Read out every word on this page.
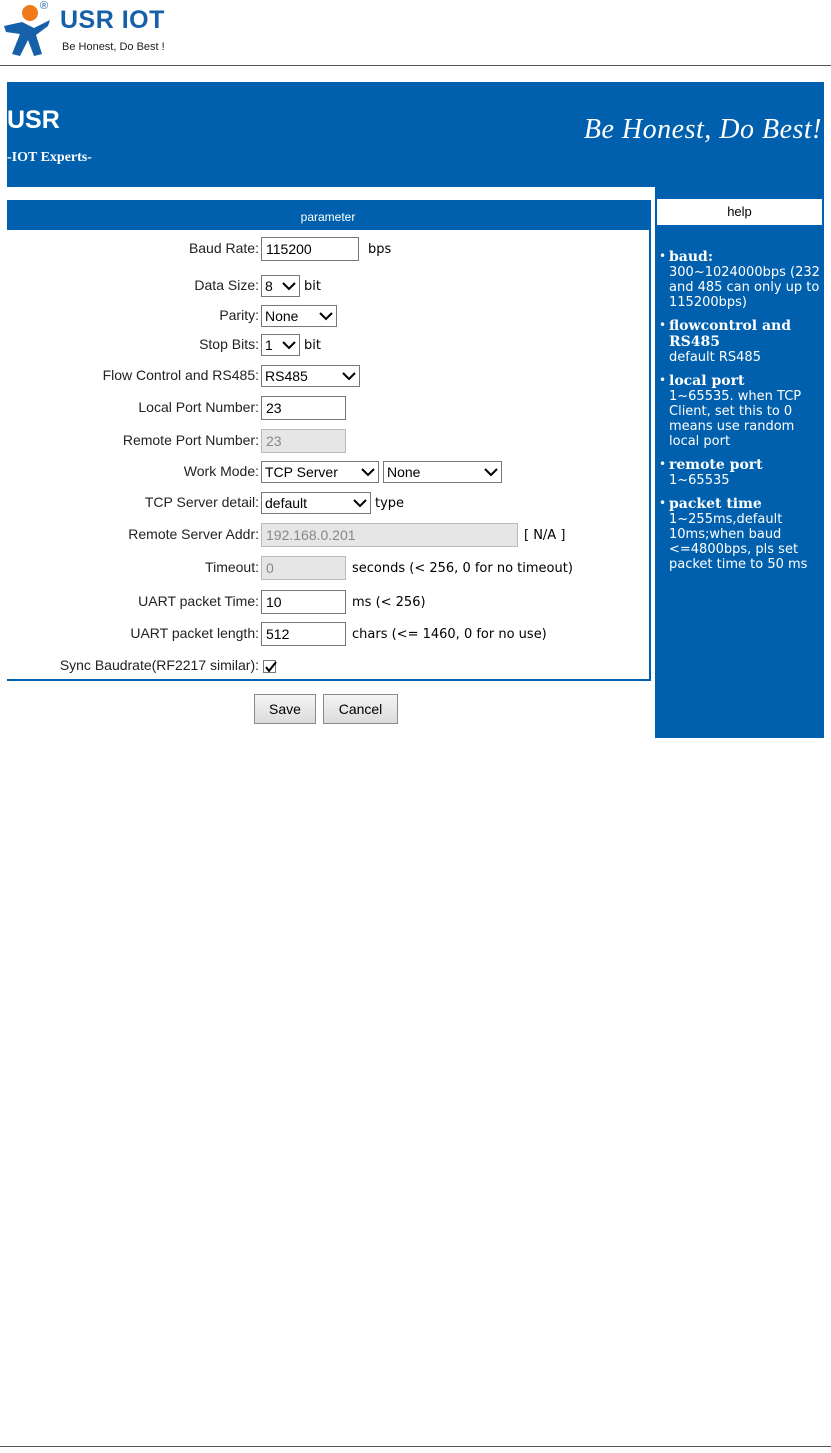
® USR IOT
Be Honest, Do Best !
USR
-IOT Experts-
Be Honest, Do Best!
parameter
Baud Rate:
115200	bps
Data Size: 8 bit
Parity: None
Stop Bits: 1 bit
Flow Control and RS485: RS485
Local Port Number:
23
Remote Port Number:
23
Work Mode: TCP Server	None
TCP Server detail: default	type
Remote Server Addr:
192.168.0.201	[ N/A ]
Timeout:
0	seconds (< 256, 0 for no timeout)
UART packet Time:
10	ms (< 256)
UART packet length:
512	chars (<= 1460, 0 for no use)
Sync Baudrate(RF2217 similar):
Save	Cancel
help
• baud:
300~1024000bps (232 and 485 can only up to 115200bps)
• flowcontrol and RS485
default RS485
• local port
1~65535. when TCP Client, set this to 0 means use random local port
• remote port
1~65535
• packet time
1~255ms,default 10ms;when baud <=4800bps, pls set packet time to 50 ms
